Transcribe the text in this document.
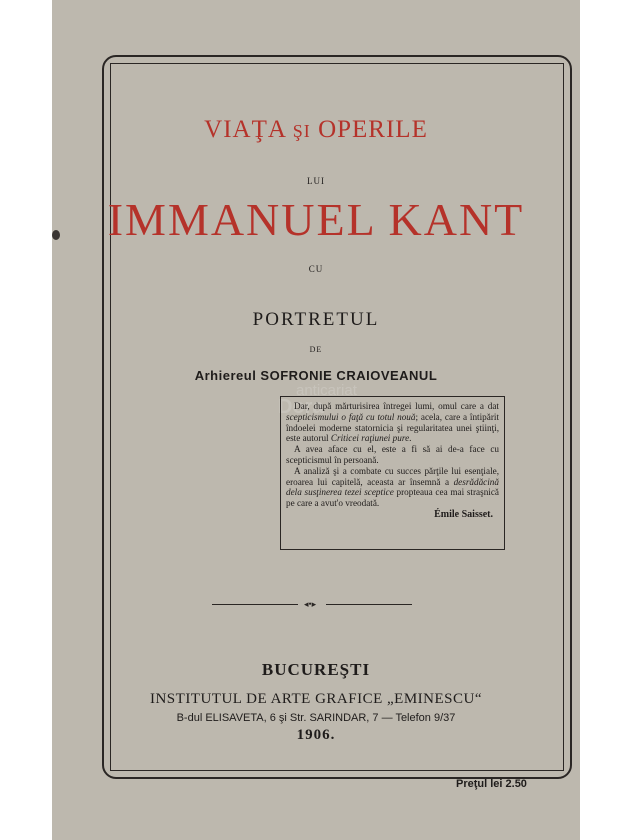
VIAŢA ŞI OPERILE
LUI
IMMANUEL KANT
CU
PORTRETUL
DE
Arhiereul SOFRONIE CRAIOVEANUL
anticariat
Dora

Dar, după mărturisirea întregei lumi, omul care a dat scepticismului o faţă cu totul nouă; acela, care a întipărit îndoelei moderne statornicia şi regularitatea unei ştiinţi, este autorul Criticei raţiunei pure.

A avea aface cu el, este a fi să ai de-a face cu scepticismul în persoană.

A analiză şi a combate cu succes părţile lui esenţiale, eroarea lui capitelă, aceasta ar însemnă a desrădăcină dela susţinerea tezei sceptice propteaua cea mai straşnică pe care a avut'o vreodată.

Émile Saisset.

◂•▸
BUCUREŞTI
INSTITUTUL DE ARTE GRAFICE „EMINESCU“
B-dul ELISAVETA, 6 şi Str. SARINDAR, 7 — Telefon 9/37
1906.
Preţul lei 2.50
